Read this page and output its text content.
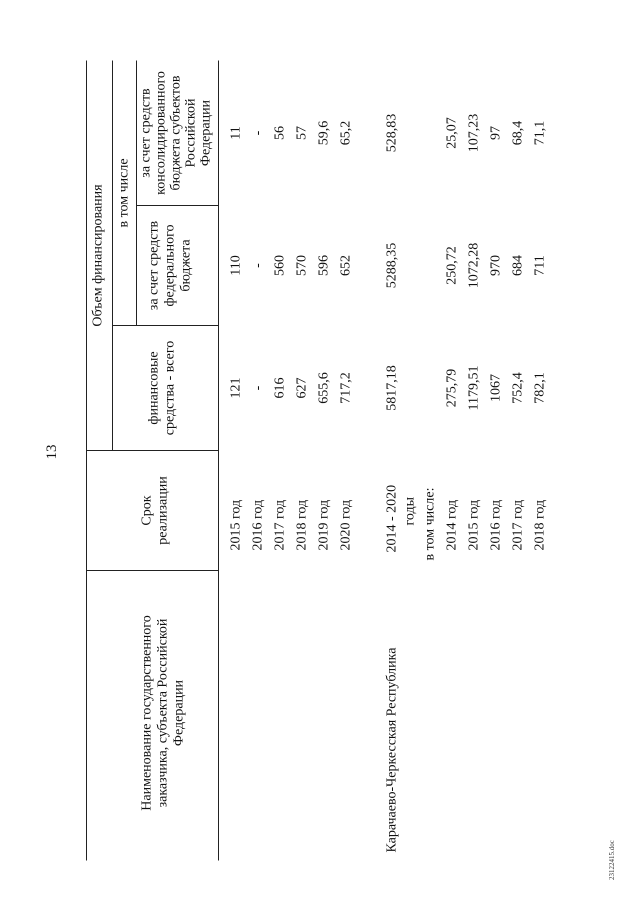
13
Наименование государственного заказчика, субъекта Российской Федерации
Срок реализации
Объем финансирования
финансовые средства - всего
в том числе
за счет средств федерального бюджета
за счет средств консолидированного бюджета субъектов Российской Федерации
2015 год
121
110
11
2016 год
-
-
-
2017 год
616
560
56
2018 год
627
570
57
2019 год
655,6
596
59,6
2020 год
717,2
652
65,2
Карачаево-Черкесская Республика
2014 - 2020 годы
5817,18
5288,35
528,83
в том числе: 2014 год
275,79
250,72
25,07
2015 год
1179,51
1072,28
107,23
2016 год
1067
970
97
2017 год
752,4
684
68,4
2018 год
782,1
711
71,1
23122415.doc
